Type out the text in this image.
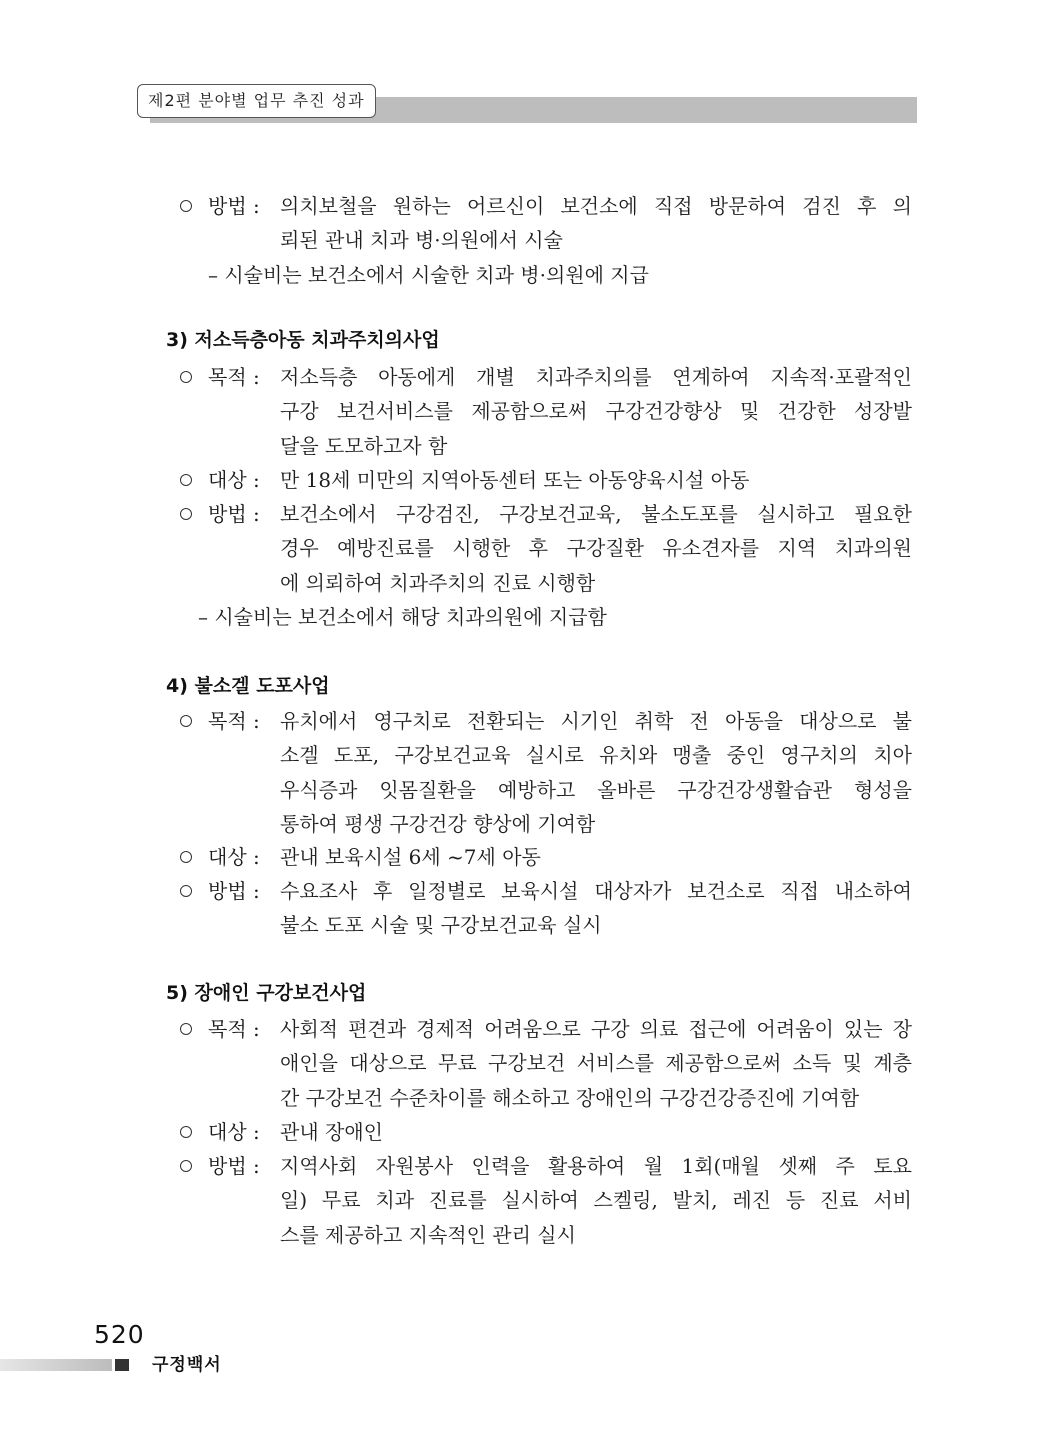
제2편 분야별 업무 추진 성과
방법 : 의치보철을 원하는 어르신이 보건소에 직접 방문하여 검진 후 의
뢰된 관내 치과 병·의원에서 시술
– 시술비는 보건소에서 시술한 치과 병·의원에 지급
3) 저소득층아동 치과주치의사업
목적 : 저소득층 아동에게 개별 치과주치의를 연계하여 지속적·포괄적인
구강 보건서비스를 제공함으로써 구강건강향상 및 건강한 성장발
달을 도모하고자 함
대상 : 만 18세 미만의 지역아동센터 또는 아동양육시설 아동
방법 : 보건소에서 구강검진, 구강보건교육, 불소도포를 실시하고 필요한
경우 예방진료를 시행한 후 구강질환 유소견자를 지역 치과의원
에 의뢰하여 치과주치의 진료 시행함
– 시술비는 보건소에서 해당 치과의원에 지급함
4) 불소겔 도포사업
목적 : 유치에서 영구치로 전환되는 시기인 취학 전 아동을 대상으로 불
소겔 도포, 구강보건교육 실시로 유치와 맹출 중인 영구치의 치아
우식증과 잇몸질환을 예방하고 올바른 구강건강생활습관 형성을
통하여 평생 구강건강 향상에 기여함
대상 : 관내 보육시설 6세 ~7세 아동
방법 : 수요조사 후 일정별로 보육시설 대상자가 보건소로 직접 내소하여
불소 도포 시술 및 구강보건교육 실시
5) 장애인 구강보건사업
목적 : 사회적 편견과 경제적 어려움으로 구강 의료 접근에 어려움이 있는 장
애인을 대상으로 무료 구강보건 서비스를 제공함으로써 소득 및 계층
간 구강보건 수준차이를 해소하고 장애인의 구강건강증진에 기여함
대상 : 관내 장애인
방법 : 지역사회 자원봉사 인력을 활용하여 월 1회(매월 셋째 주 토요
일) 무료 치과 진료를 실시하여 스켈링, 발치, 레진 등 진료 서비
스를 제공하고 지속적인 관리 실시
520
구정백서
